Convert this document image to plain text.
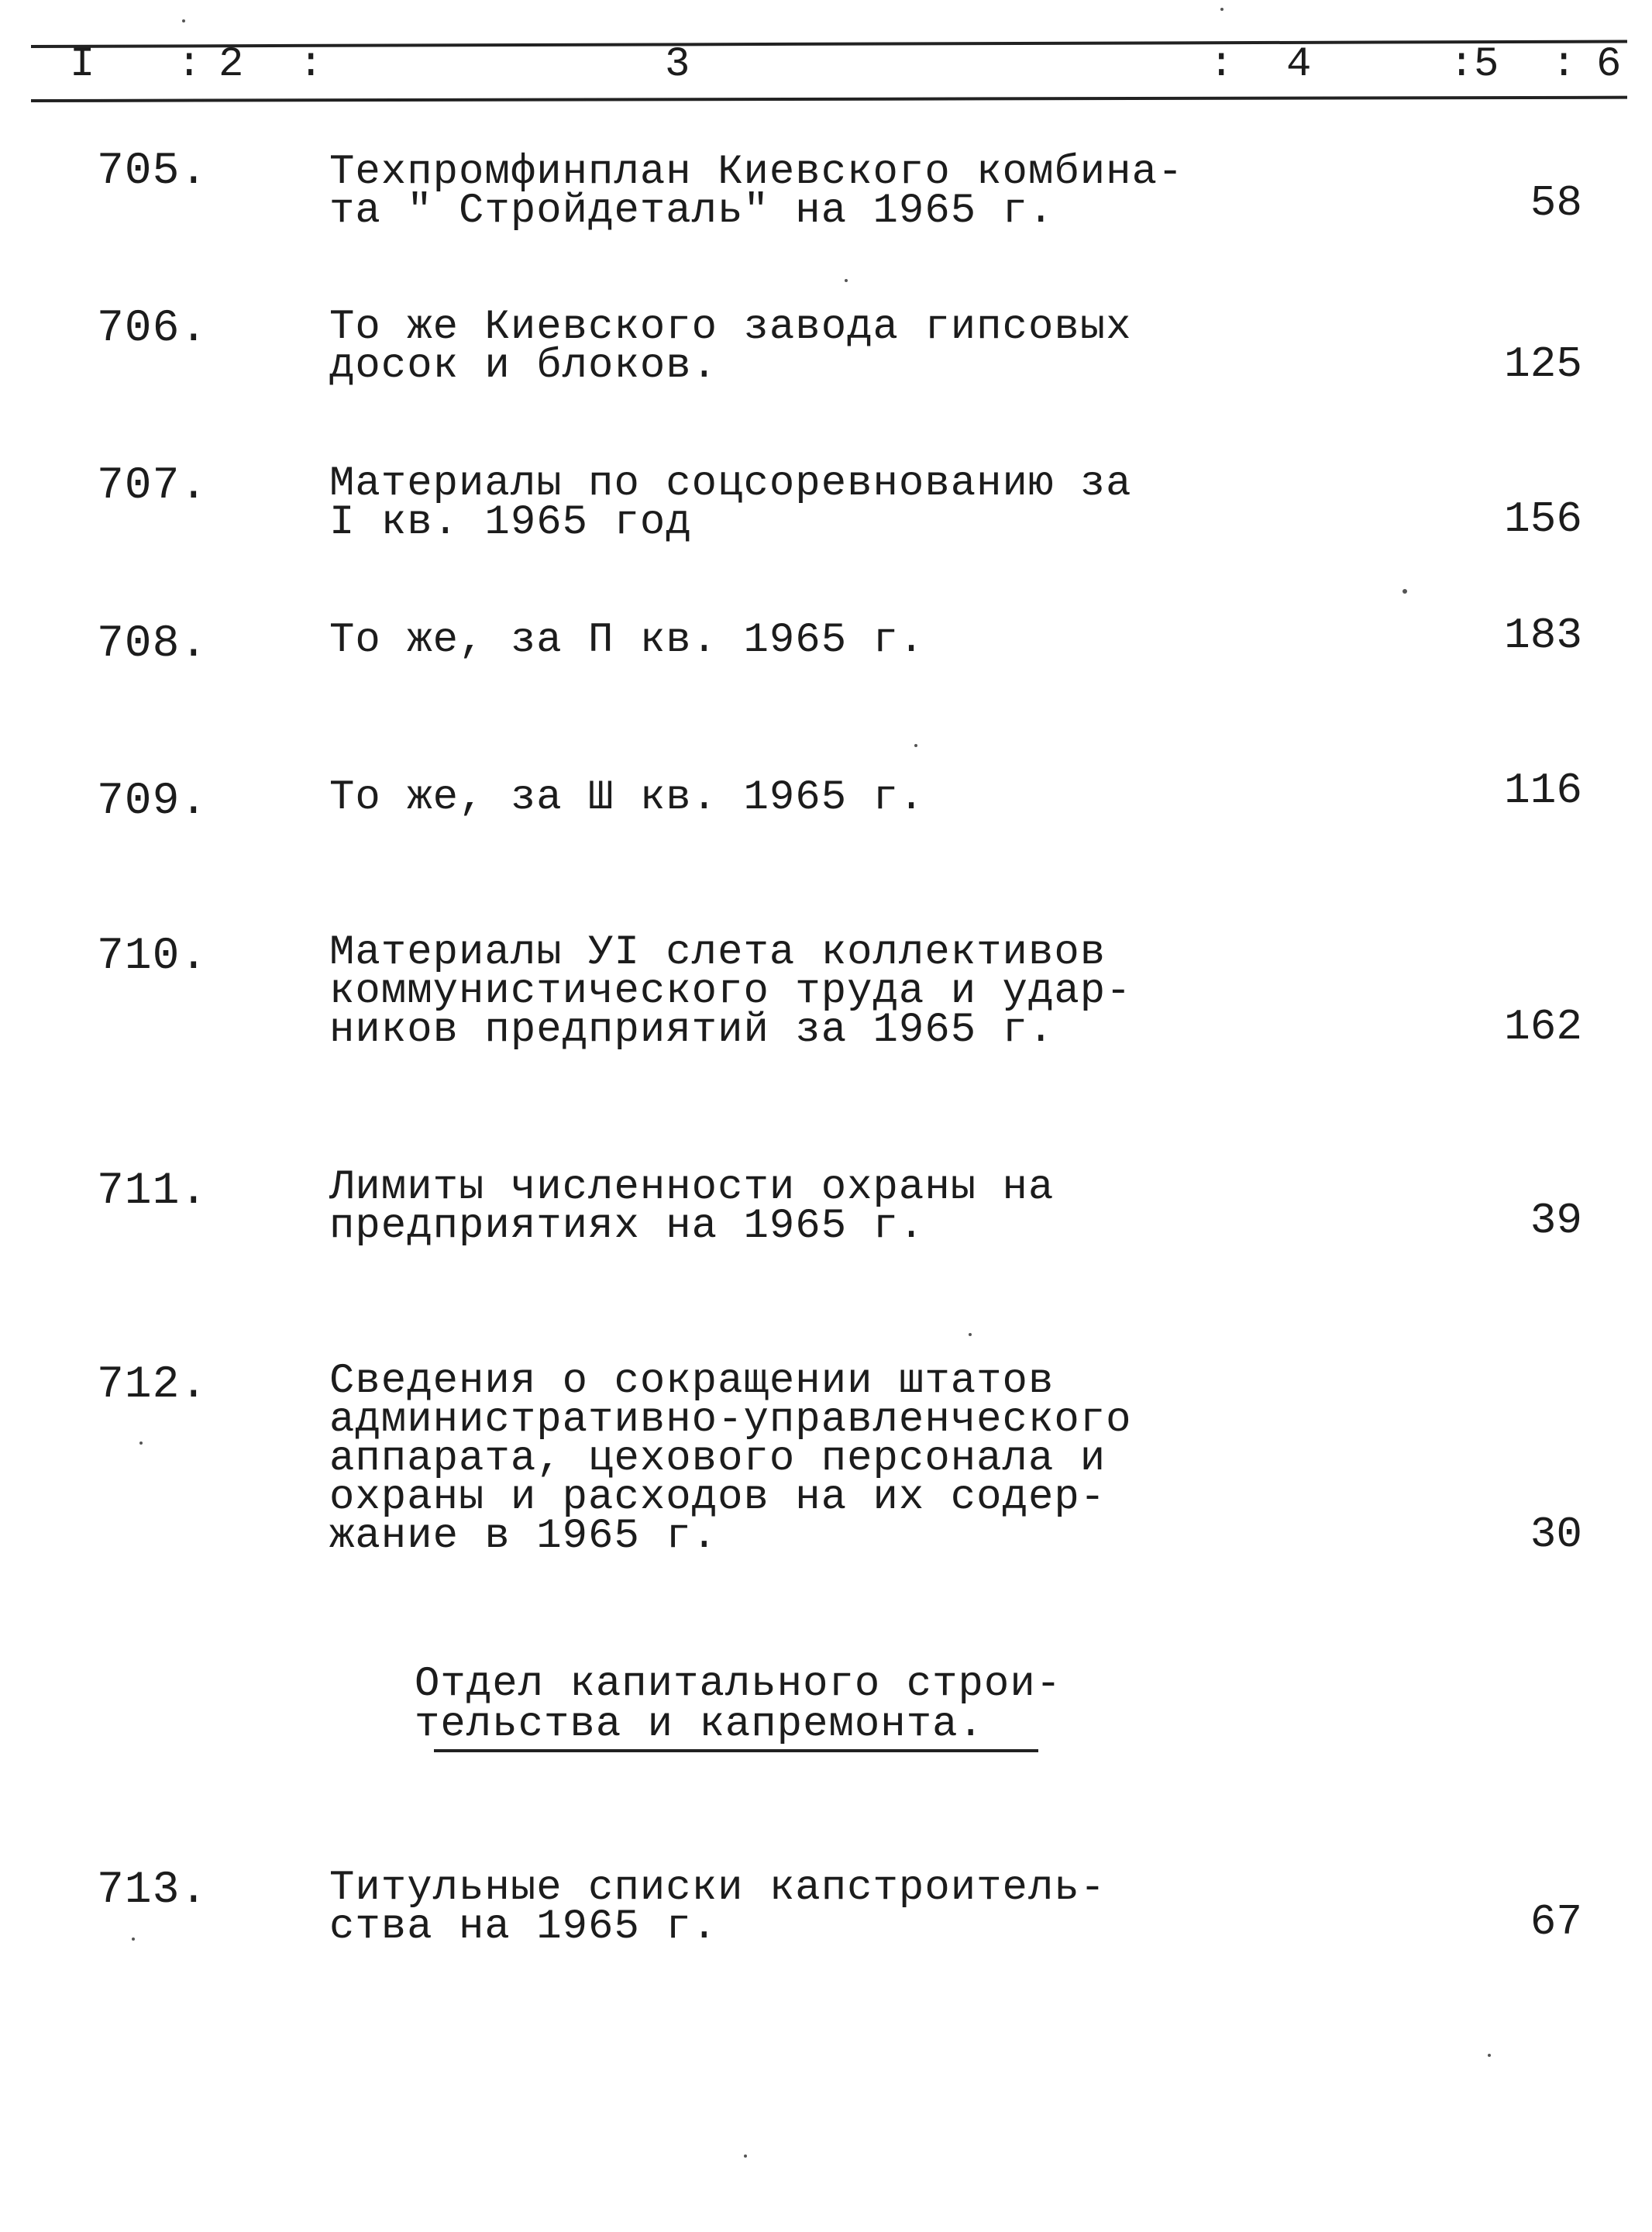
I : 2 :	3	: 4	: 5 : 6
705.	Техпромфинплан Киевского комбина-
та " Стройдеталь" на 1965 г.	58
706.	То же Киевского завода гипсовых
досок и блоков.	125
707.	Материалы по соцсоревнованию за
I кв. 1965 год	156
708.	То же, за П кв. 1965 г.	183
709.	То же, за Ш кв. 1965 г.	116
710.	Материалы УI слета коллективов
коммунистического труда и удар-
ников предприятий за 1965 г.	162
711.	Лимиты численности охраны на
предприятиях на 1965 г.	39
712.	Сведения о сокращении штатов
административно-управленческого
аппарата, цехового персонала и
охраны и расходов на их содер-
жание в 1965 г.	30
Отдел капитального строи-
тельства и капремонта.
713.	Титульные списки капстроитель-
ства на 1965 г.	67
